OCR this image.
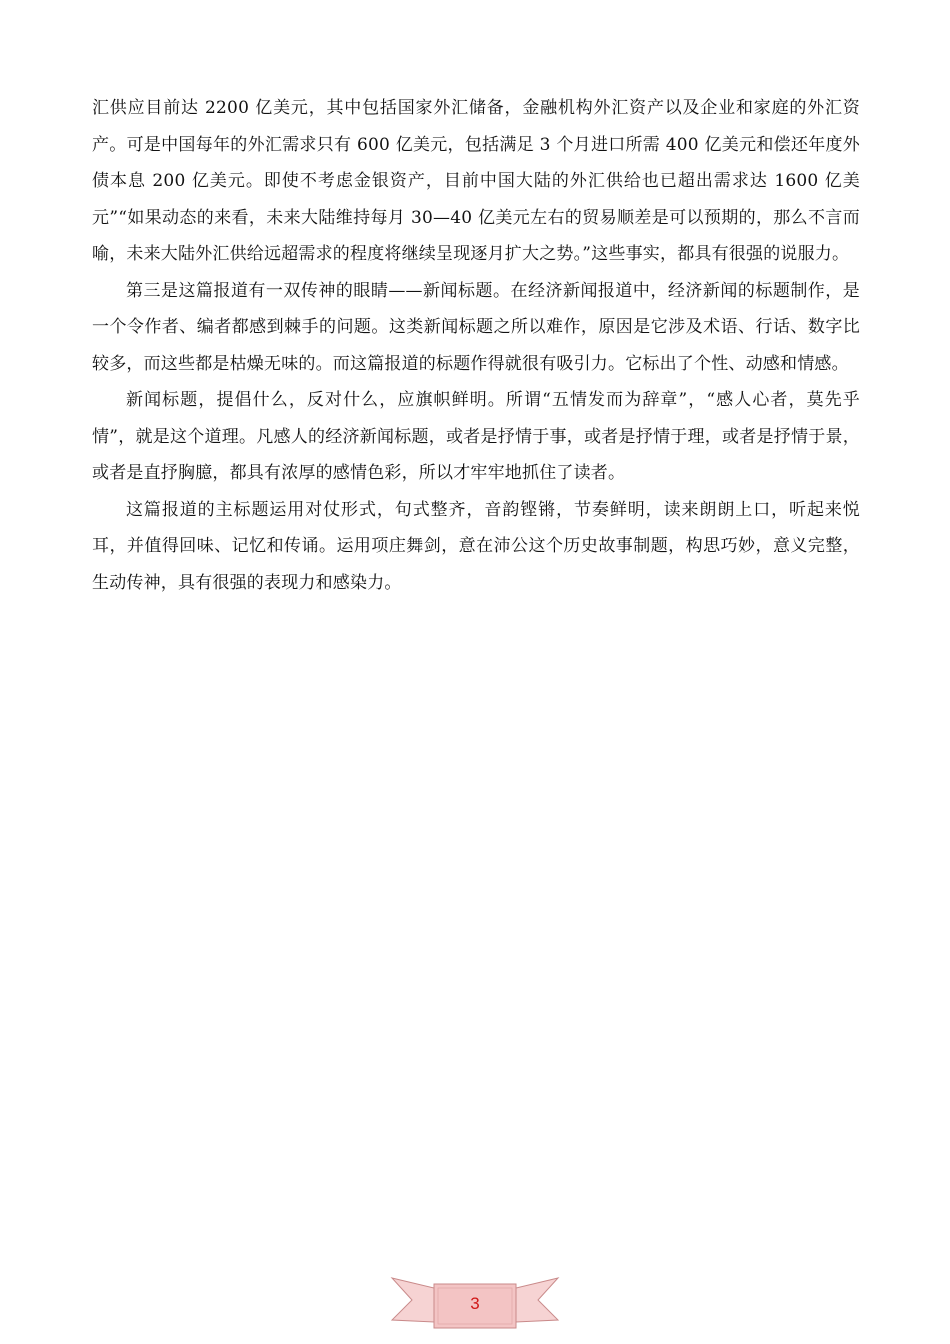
汇供应目前达 2200 亿美元，其中包括国家外汇储备，金融机构外汇资产以及企业和家庭的外汇资产。可是中国每年的外汇需求只有 600 亿美元，包括满足 3 个月进口所需 400 亿美元和偿还年度外债本息 200 亿美元。即使不考虑金银资产，目前中国大陆的外汇供给也已超出需求达 1600 亿美元”“如果动态的来看，未来大陆维持每月 30—40 亿美元左右的贸易顺差是可以预期的，那么不言而喻，未来大陆外汇供给远超需求的程度将继续呈现逐月扩大之势。”这些事实，都具有很强的说服力。

第三是这篇报道有一双传神的眼睛——新闻标题。在经济新闻报道中，经济新闻的标题制作，是一个令作者、编者都感到棘手的问题。这类新闻标题之所以难作，原因是它涉及术语、行话、数字比较多，而这些都是枯燥无味的。而这篇报道的标题作得就很有吸引力。它标出了个性、动感和情感。

新闻标题，提倡什么，反对什么，应旗帜鲜明。所谓“五情发而为辞章”，“感人心者，莫先乎情”，就是这个道理。凡感人的经济新闻标题，或者是抒情于事，或者是抒情于理，或者是抒情于景，或者是直抒胸臆，都具有浓厚的感情色彩，所以才牢牢地抓住了读者。

这篇报道的主标题运用对仗形式，句式整齐，音韵铿锵，节奏鲜明，读来朗朗上口，听起来悦耳，并值得回味、记忆和传诵。运用项庄舞剑，意在沛公这个历史故事制题，构思巧妙，意义完整，生动传神，具有很强的表现力和感染力。

3
